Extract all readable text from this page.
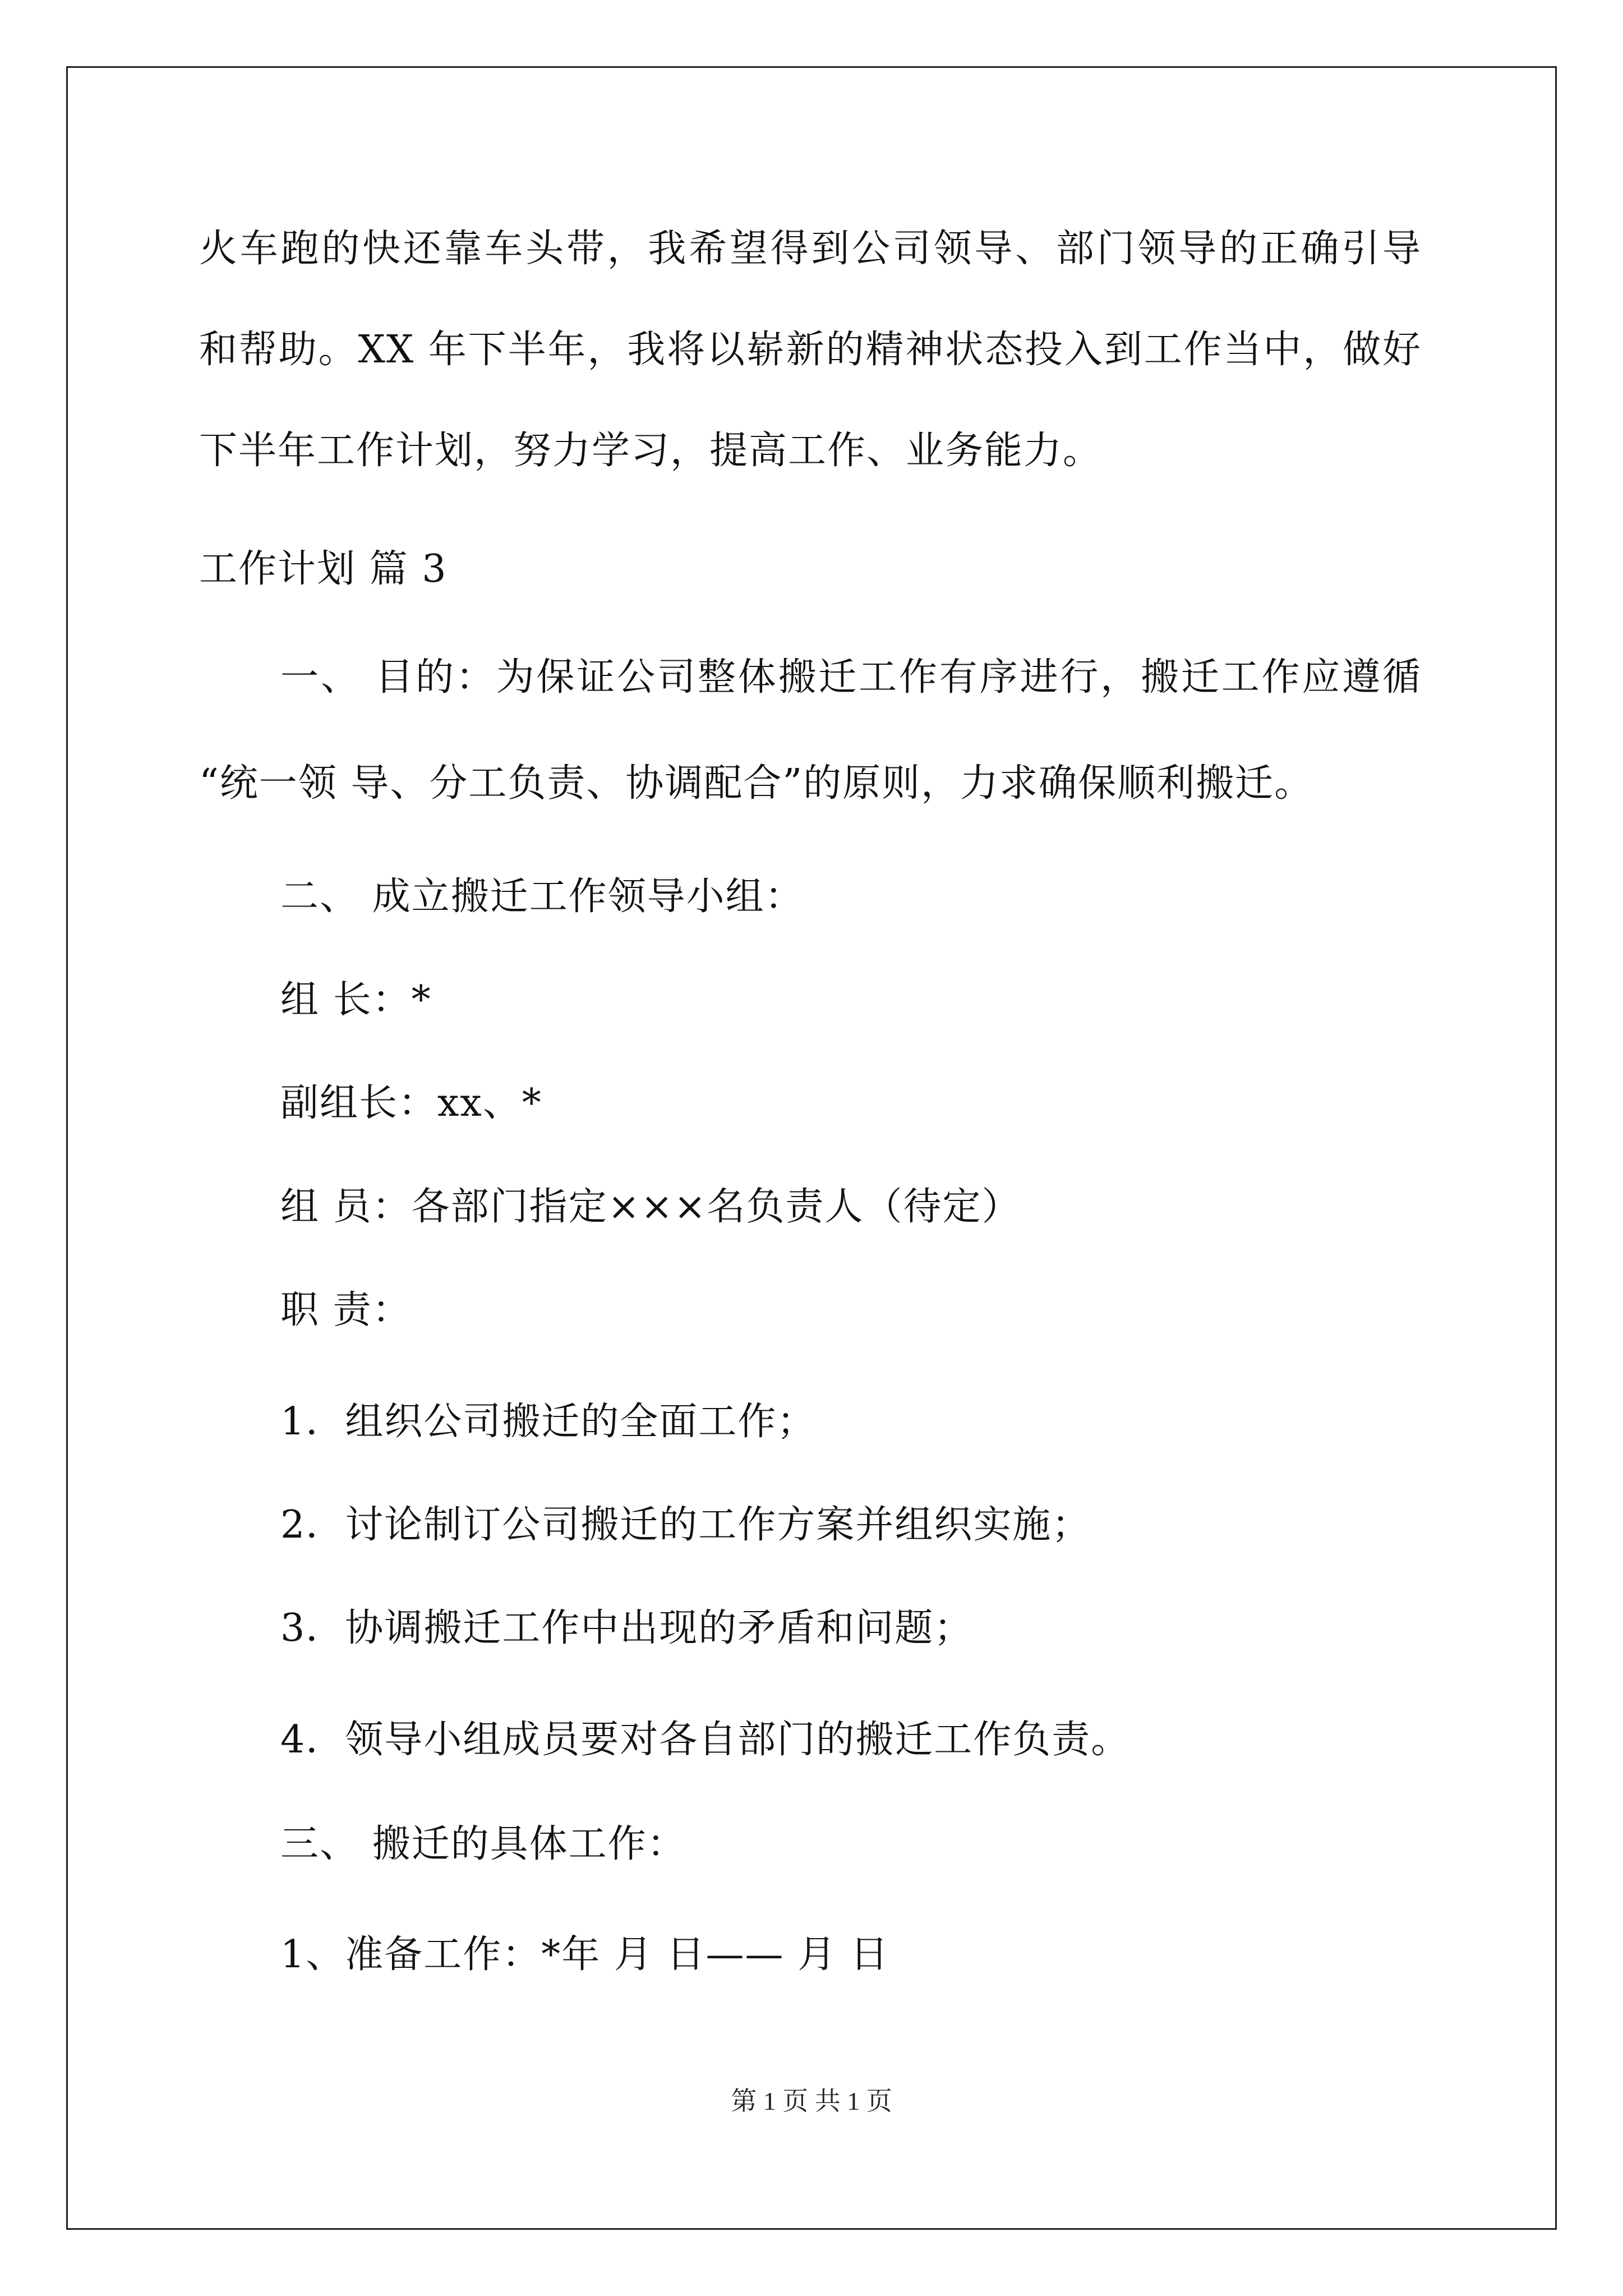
火车跑的快还靠车头带，我希望得到公司领导、部门领导的正确引导
和帮助。XX 年下半年，我将以崭新的精神状态投入到工作当中，做好
下半年工作计划，努力学习，提高工作、业务能力。
工作计划 篇 3
一、 目的：为保证公司整体搬迁工作有序进行，搬迁工作应遵循
“统一领 导、分工负责、协调配合”的原则，力求确保顺利搬迁。
二、 成立搬迁工作领导小组：
组 长：*
副组长：xx、*
组 员：各部门指定×××名负责人（待定）
职 责：
1．组织公司搬迁的全面工作；
2．讨论制订公司搬迁的工作方案并组织实施；
3．协调搬迁工作中出现的矛盾和问题；
4．领导小组成员要对各自部门的搬迁工作负责。
三、 搬迁的具体工作：
1、准备工作：*年 月 日—— 月 日
第 1 页 共 1 页
